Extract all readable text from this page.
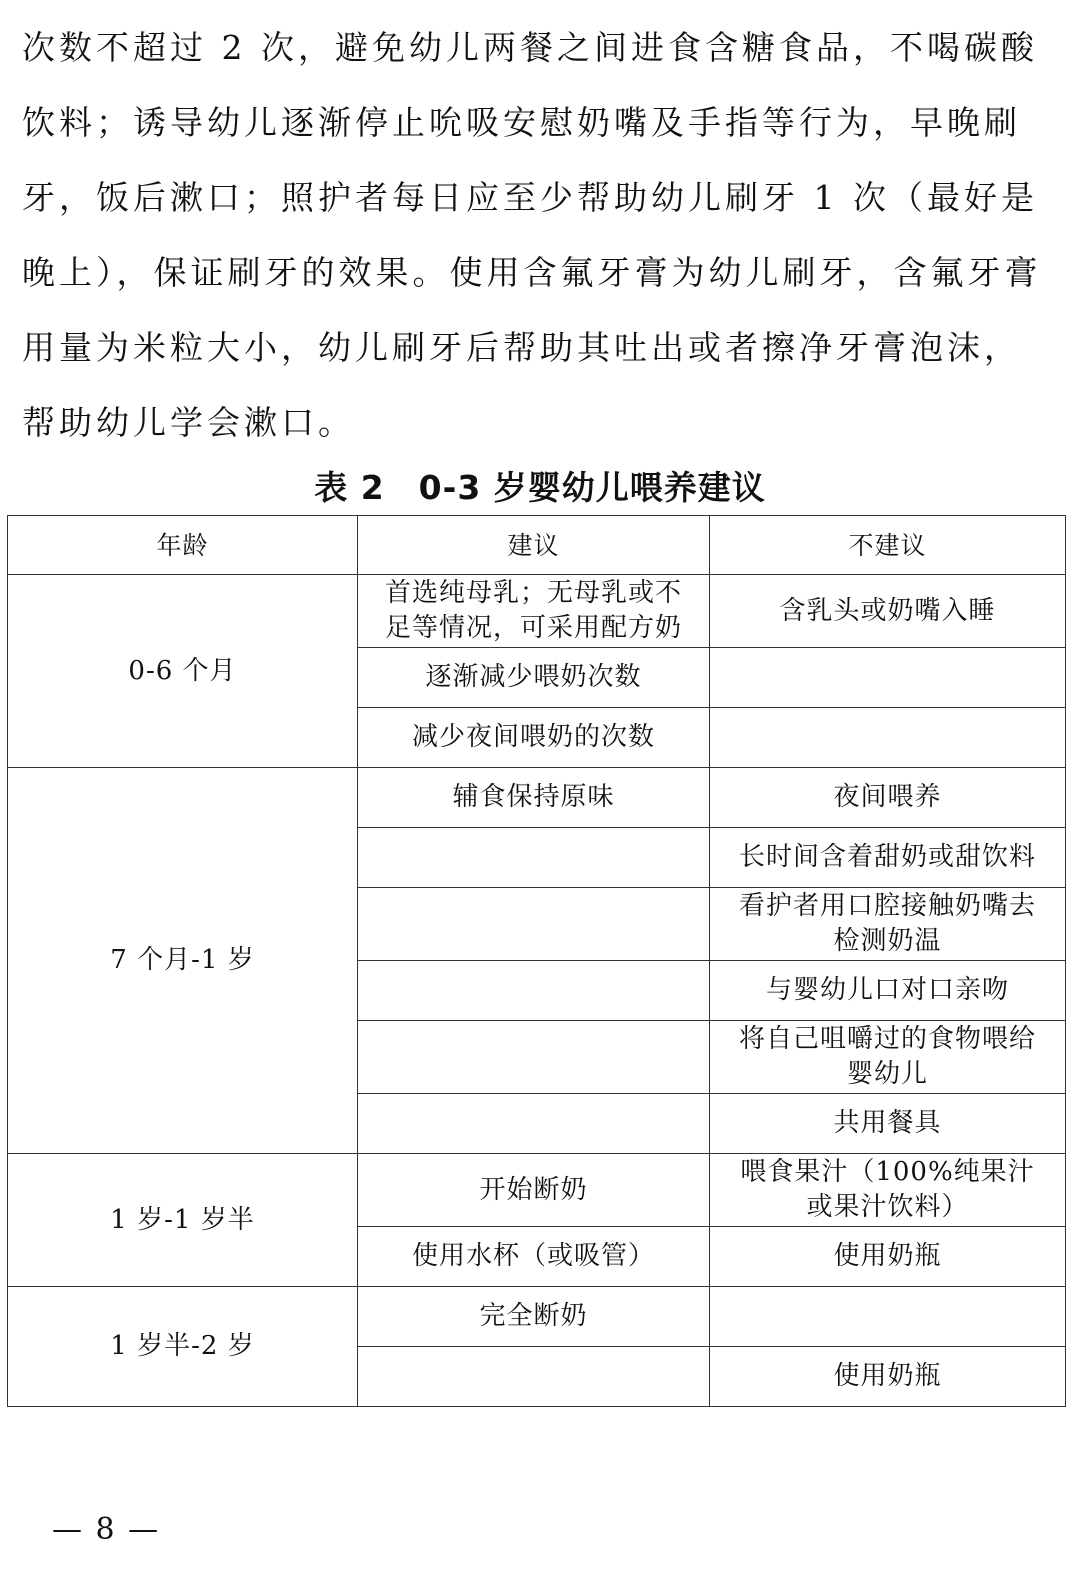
次数不超过 2 次，避免幼儿两餐之间进食含糖食品，不喝碳酸
饮料；诱导幼儿逐渐停止吮吸安慰奶嘴及手指等行为，早晚刷
牙，饭后漱口；照护者每日应至少帮助幼儿刷牙 1 次（最好是
晚上），保证刷牙的效果。使用含氟牙膏为幼儿刷牙，含氟牙膏
用量为米粒大小，幼儿刷牙后帮助其吐出或者擦净牙膏泡沫，
帮助幼儿学会漱口。
表 2　0-3 岁婴幼儿喂养建议
年龄	建议	不建议
0-6 个月	首选纯母乳；无母乳或不足等情况，可采用配方奶	含乳头或奶嘴入睡
	逐渐减少喂奶次数	
	减少夜间喂奶的次数	
7 个月-1 岁	辅食保持原味	夜间喂养
		长时间含着甜奶或甜饮料
		看护者用口腔接触奶嘴去检测奶温
		与婴幼儿口对口亲吻
		将自己咀嚼过的食物喂给婴幼儿
		共用餐具
1 岁-1 岁半	开始断奶	喂食果汁（100%纯果汁或果汁饮料）
	使用水杯（或吸管）	使用奶瓶
1 岁半-2 岁	完全断奶	
		使用奶瓶
— 8 —
